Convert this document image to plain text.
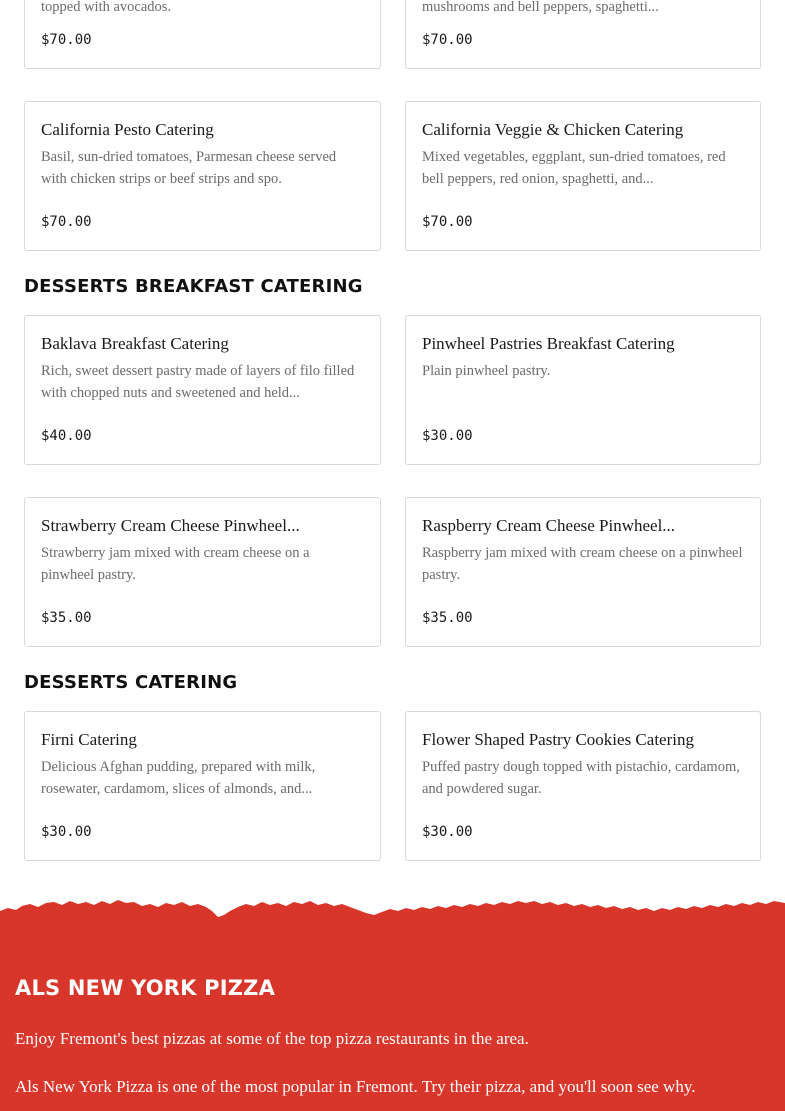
topped with avocados.
$70.00
mushrooms and bell peppers, spaghetti...
$70.00
California Pesto Catering
Basil, sun-dried tomatoes, Parmesan cheese served with chicken strips or beef strips and spo.
$70.00
California Veggie & Chicken Catering
Mixed vegetables, eggplant, sun-dried tomatoes, red bell peppers, red onion, spaghetti, and...
$70.00
DESSERTS BREAKFAST CATERING
Baklava Breakfast Catering
Rich, sweet dessert pastry made of layers of filo filled with chopped nuts and sweetened and held...
$40.00
Pinwheel Pastries Breakfast Catering
Plain pinwheel pastry.
$30.00
Strawberry Cream Cheese Pinwheel...
Strawberry jam mixed with cream cheese on a pinwheel pastry.
$35.00
Raspberry Cream Cheese Pinwheel...
Raspberry jam mixed with cream cheese on a pinwheel pastry.
$35.00
DESSERTS CATERING
Firni Catering
Delicious Afghan pudding, prepared with milk, rosewater, cardamom, slices of almonds, and...
$30.00
Flower Shaped Pastry Cookies Catering
Puffed pastry dough topped with pistachio, cardamom, and powdered sugar.
$30.00
ALS NEW YORK PIZZA

Enjoy Fremont's best pizzas at some of the top pizza restaurants in the area.

Als New York Pizza is one of the most popular in Fremont. Try their pizza, and you'll soon see why.
